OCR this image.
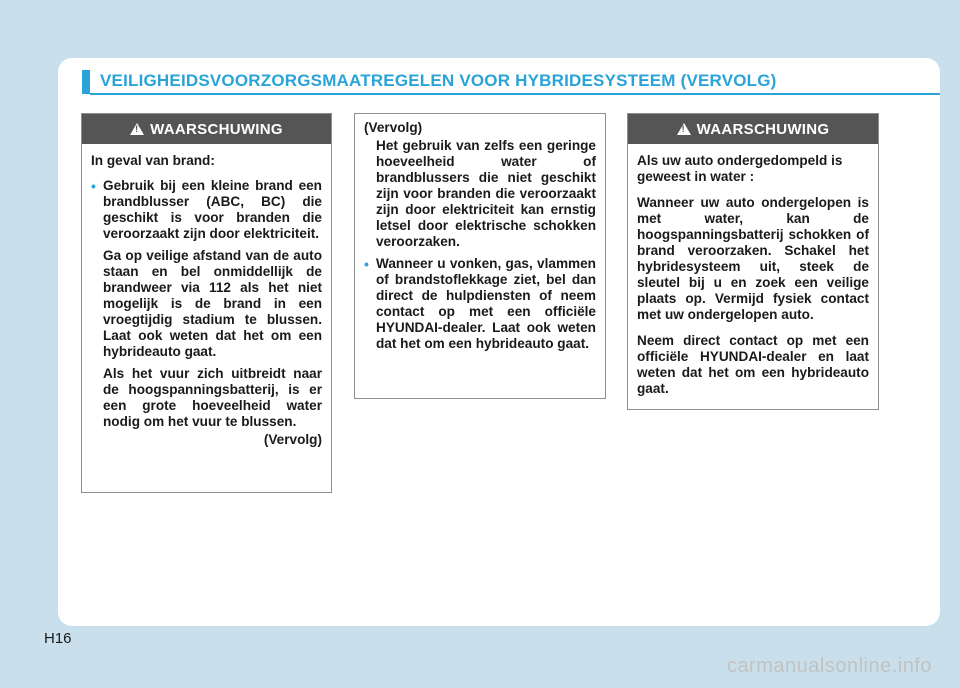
VEILIGHEIDSVOORZORGSMAATREGELEN VOOR HYBRIDESYSTEEM (VERVOLG)
!
WAARSCHUWING

In geval van brand:

• Gebruik bij een kleine brand een brandblusser (ABC, BC) die geschikt is voor branden die veroorzaakt zijn door elektriciteit.

Ga op veilige afstand van de auto staan en bel onmiddellijk de brandweer via 112 als het niet mogelijk is de brand in een vroegtijdig stadium te blussen. Laat ook weten dat het om een hybrideauto gaat.

Als het vuur zich uitbreidt naar de hoogspanningsbatterij, is er een grote hoeveelheid water nodig om het vuur te blussen.

(Vervolg)

(Vervolg)

Het gebruik van zelfs een geringe hoeveelheid water of brandblussers die niet geschikt zijn voor branden die veroorzaakt zijn door elektriciteit kan ernstig letsel door elektrische schokken veroorzaken.

• Wanneer u vonken, gas, vlammen of brandstoflekkage ziet, bel dan direct de hulpdiensten of neem contact op met een officiële HYUNDAI-dealer. Laat ook weten dat het om een hybrideauto gaat.

!
WAARSCHUWING

Als uw auto ondergedompeld is geweest in water :

Wanneer uw auto ondergelopen is met water, kan de hoogspanningsbatterij schokken of brand veroorzaken. Schakel het hybridesysteem uit, steek de sleutel bij u en zoek een veilige plaats op. Vermijd fysiek contact met uw ondergelopen auto.

Neem direct contact op met een officiële HYUNDAI-dealer en laat weten dat het om een hybrideauto gaat.

H16
carmanualsonline.info
